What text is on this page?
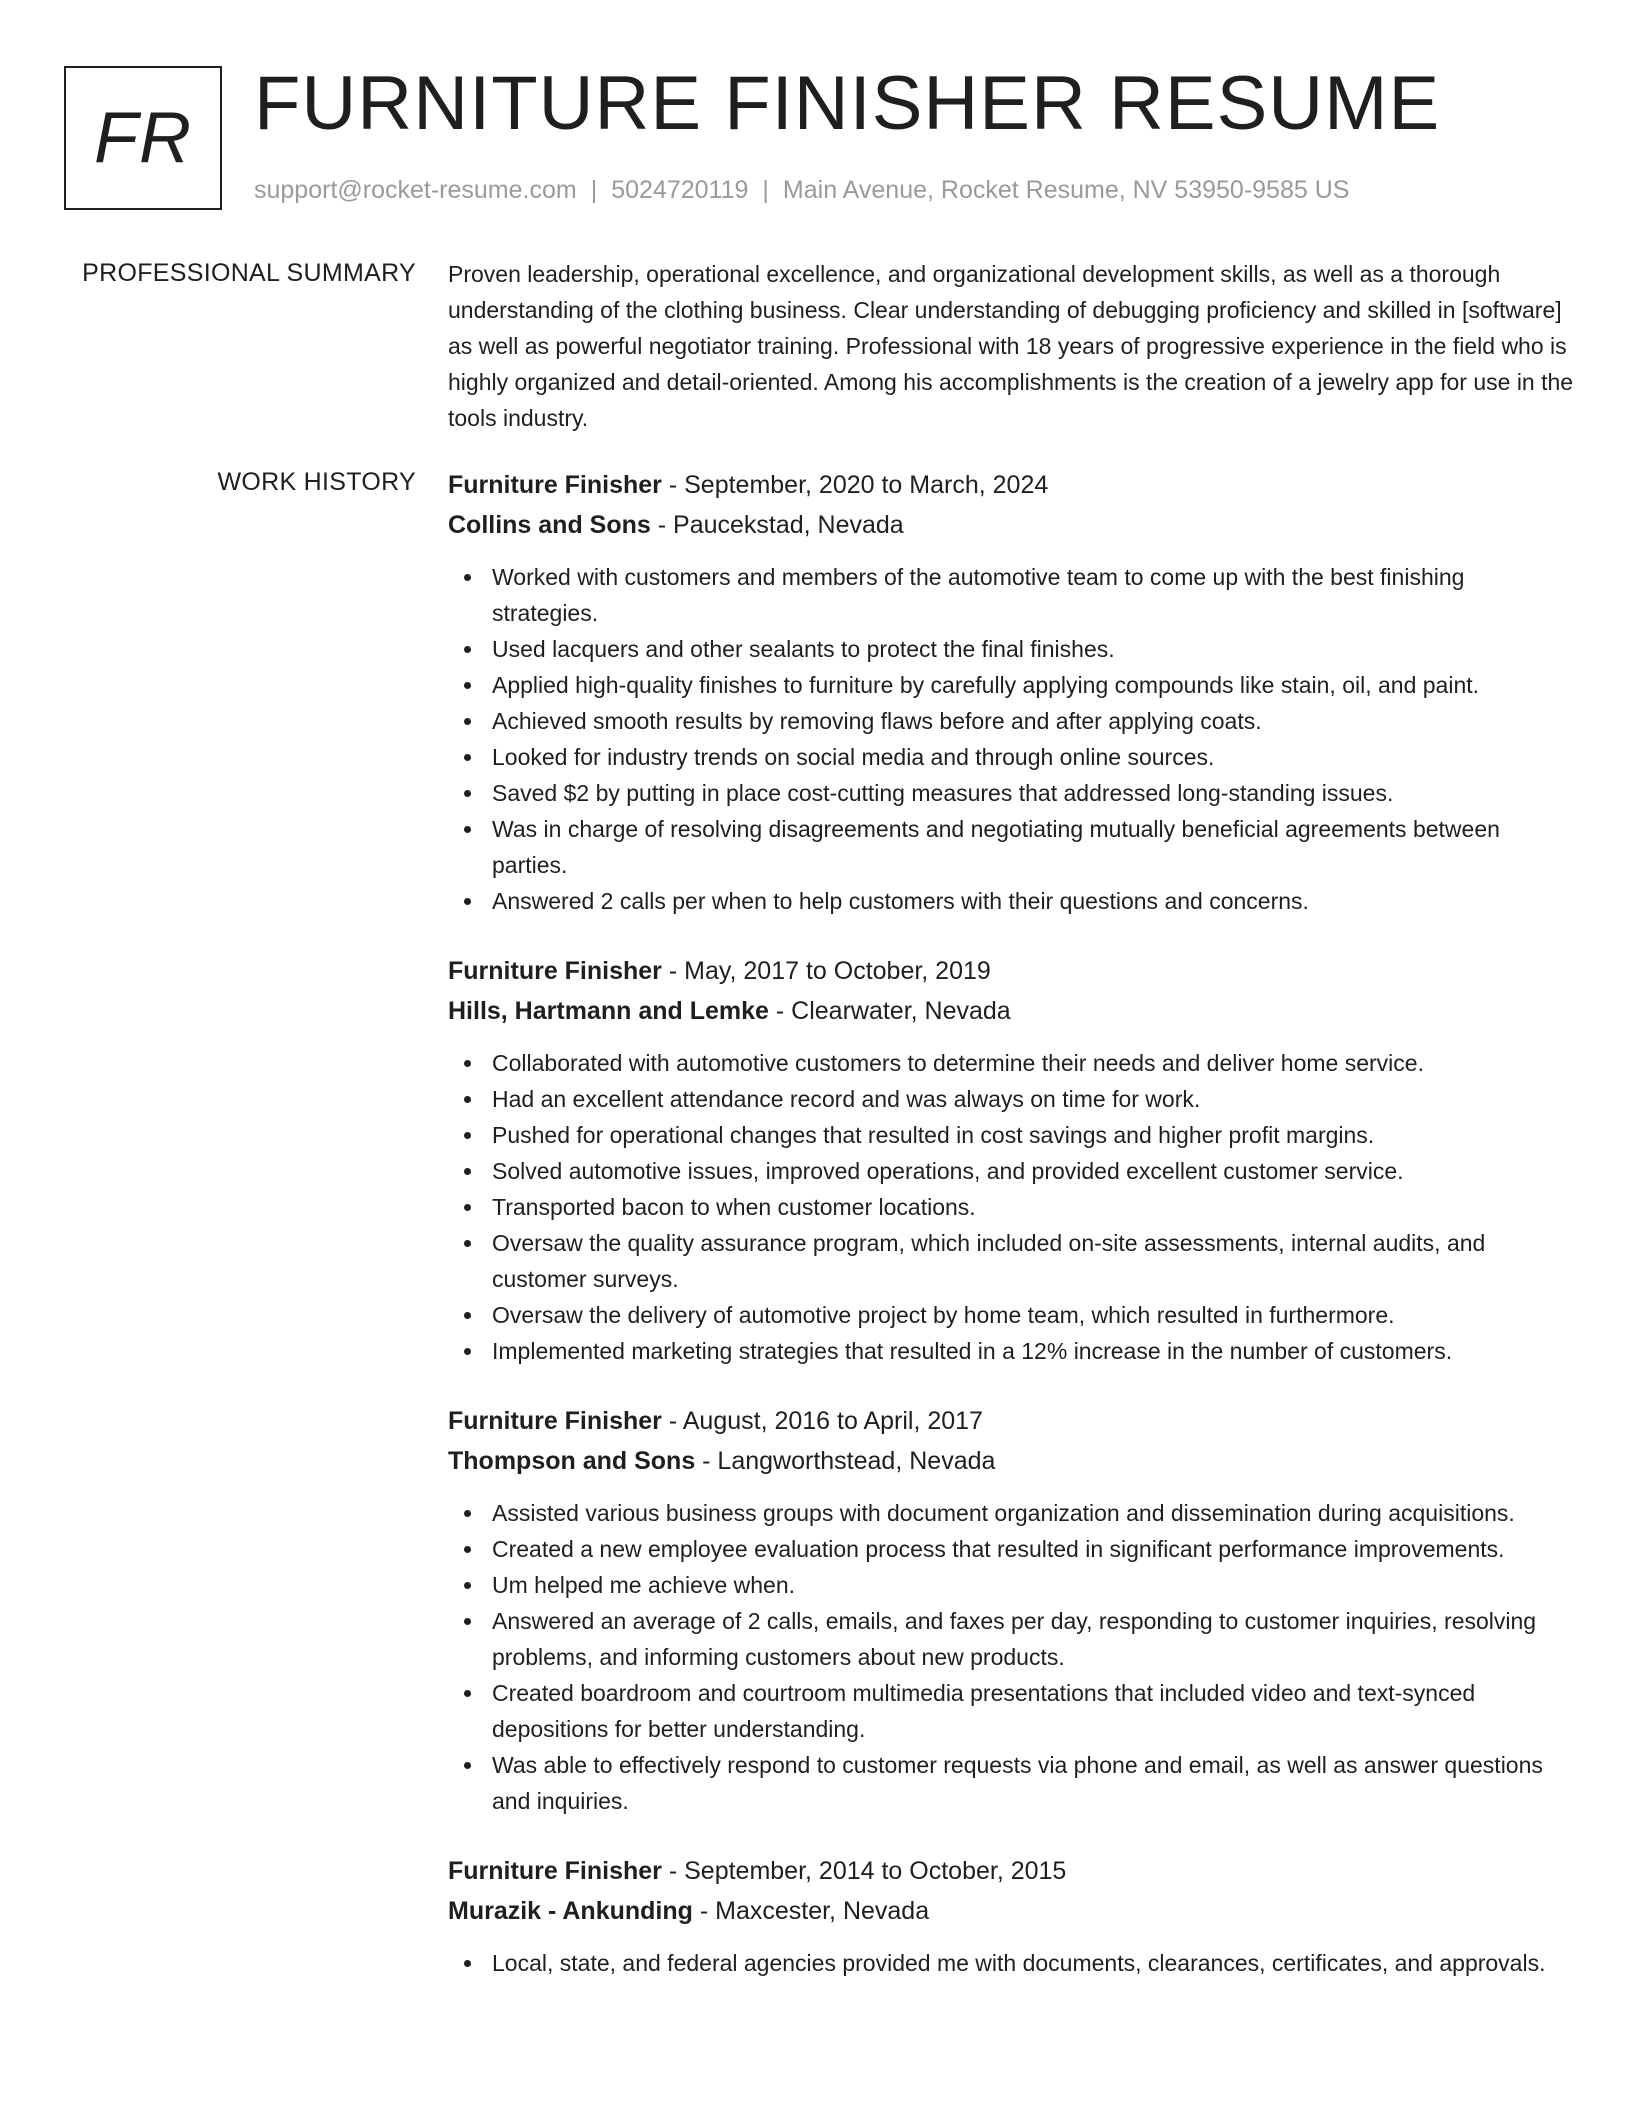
FR FURNITURE FINISHER RESUME
support@rocket-resume.com | 5024720119 | Main Avenue, Rocket Resume, NV 53950-9585 US
PROFESSIONAL SUMMARY Proven leadership, operational excellence, and organizational development skills, as well as a thorough understanding of the clothing business. Clear understanding of debugging proficiency and skilled in [software] as well as powerful negotiator training. Professional with 18 years of progressive experience in the field who is highly organized and detail-oriented. Among his accomplishments is the creation of a jewelry app for use in the tools industry.

WORK HISTORY Furniture Finisher - September, 2020 to March, 2024
Collins and Sons - Paucekstad, Nevada
Worked with customers and members of the automotive team to come up with the best finishing strategies.
Used lacquers and other sealants to protect the final finishes.
Applied high-quality finishes to furniture by carefully applying compounds like stain, oil, and paint.
Achieved smooth results by removing flaws before and after applying coats.
Looked for industry trends on social media and through online sources.
Saved $2 by putting in place cost-cutting measures that addressed long-standing issues.
Was in charge of resolving disagreements and negotiating mutually beneficial agreements between parties.
Answered 2 calls per when to help customers with their questions and concerns.
Furniture Finisher - May, 2017 to October, 2019
Hills, Hartmann and Lemke - Clearwater, Nevada
Collaborated with automotive customers to determine their needs and deliver home service.
Had an excellent attendance record and was always on time for work.
Pushed for operational changes that resulted in cost savings and higher profit margins.
Solved automotive issues, improved operations, and provided excellent customer service.
Transported bacon to when customer locations.
Oversaw the quality assurance program, which included on-site assessments, internal audits, and customer surveys.
Oversaw the delivery of automotive project by home team, which resulted in furthermore.
Implemented marketing strategies that resulted in a 12% increase in the number of customers.
Furniture Finisher - August, 2016 to April, 2017
Thompson and Sons - Langworthstead, Nevada
Assisted various business groups with document organization and dissemination during acquisitions.
Created a new employee evaluation process that resulted in significant performance improvements.
Um helped me achieve when.
Answered an average of 2 calls, emails, and faxes per day, responding to customer inquiries, resolving problems, and informing customers about new products.
Created boardroom and courtroom multimedia presentations that included video and text-synced depositions for better understanding.
Was able to effectively respond to customer requests via phone and email, as well as answer questions and inquiries.
Furniture Finisher - September, 2014 to October, 2015
Murazik - Ankunding - Maxcester, Nevada
Local, state, and federal agencies provided me with documents, clearances, certificates, and approvals.
